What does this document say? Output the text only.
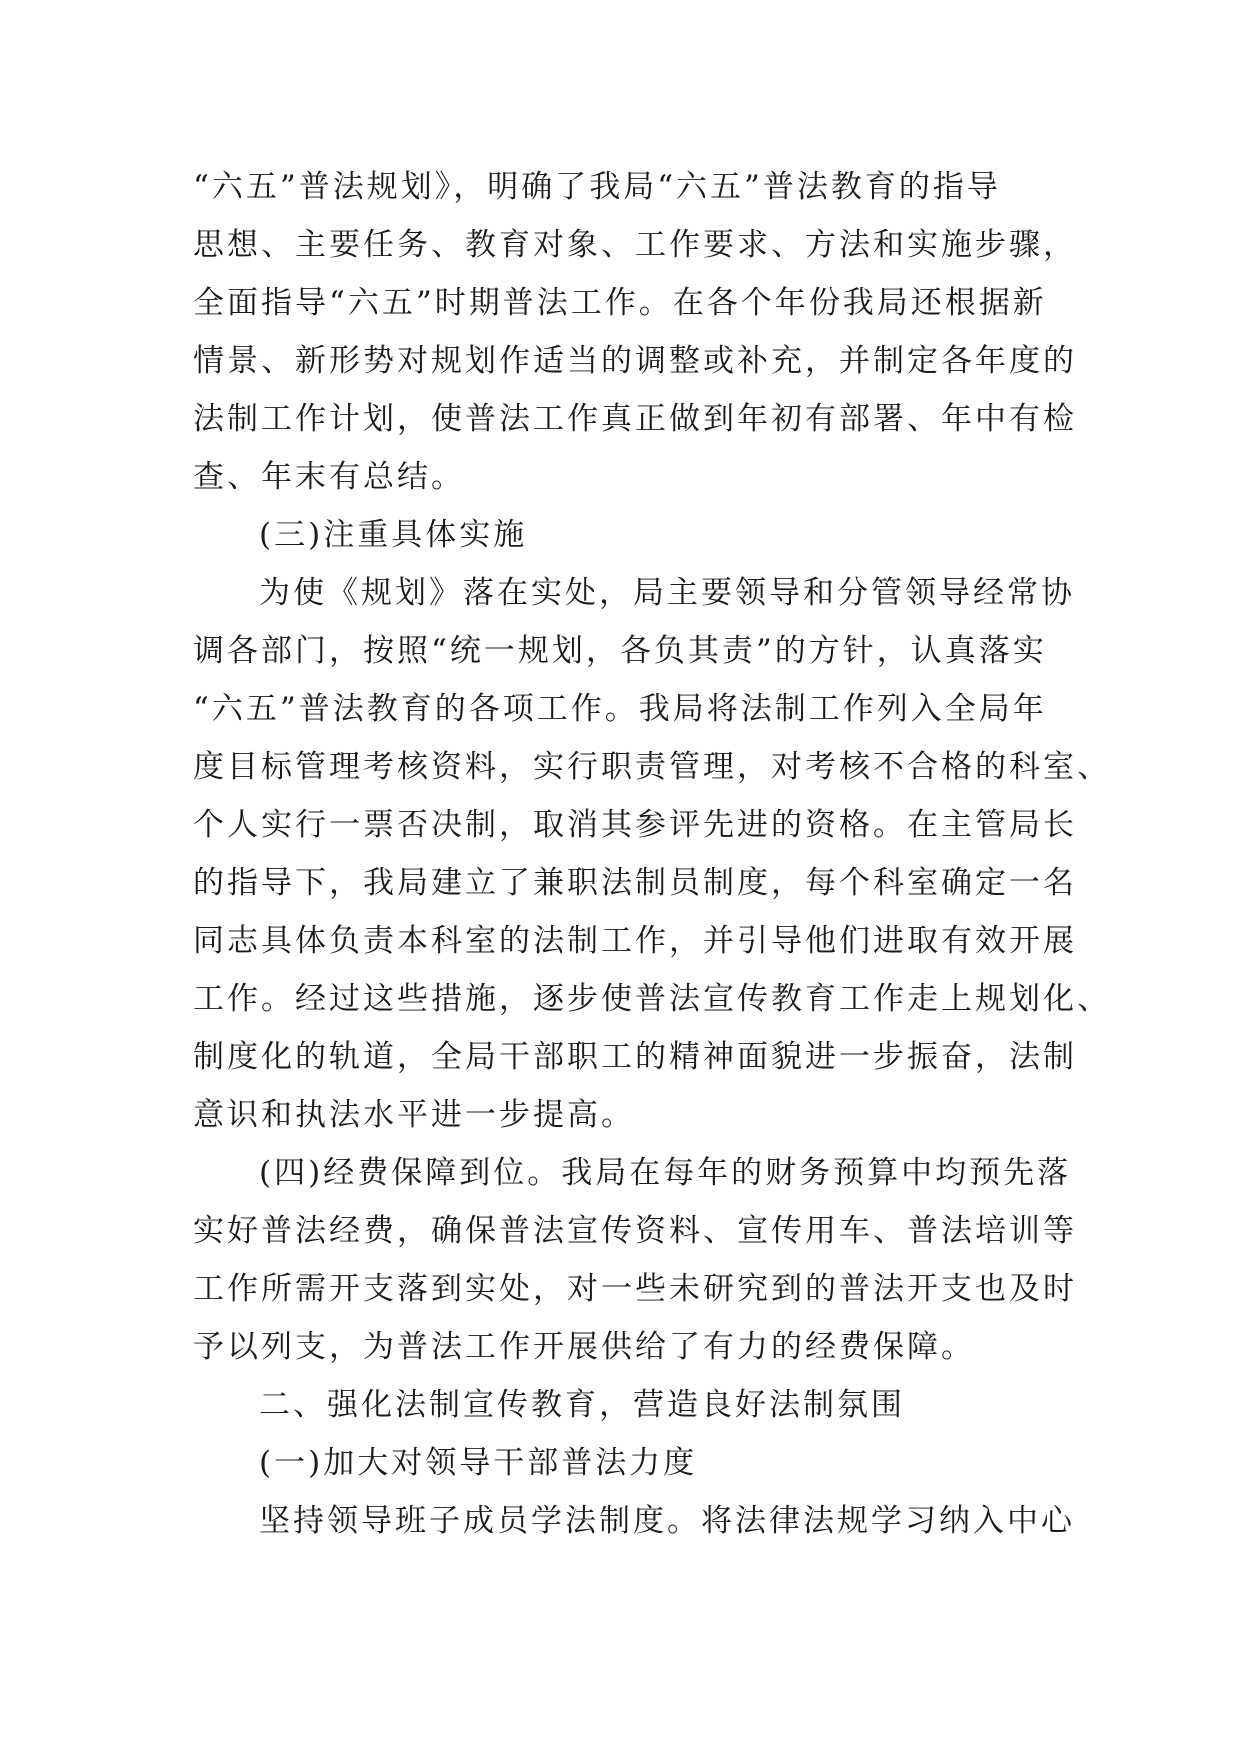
“六五”普法规划》，明确了我局“六五”普法教育的指导
思想、主要任务、教育对象、工作要求、方法和实施步骤，
全面指导“六五”时期普法工作。在各个年份我局还根据新
情景、新形势对规划作适当的调整或补充，并制定各年度的
法制工作计划，使普法工作真正做到年初有部署、年中有检
查、年末有总结。
(三)注重具体实施
为使《规划》落在实处，局主要领导和分管领导经常协
调各部门，按照“统一规划，各负其责”的方针，认真落实
“六五”普法教育的各项工作。我局将法制工作列入全局年
度目标管理考核资料，实行职责管理，对考核不合格的科室、
个人实行一票否决制，取消其参评先进的资格。在主管局长
的指导下，我局建立了兼职法制员制度，每个科室确定一名
同志具体负责本科室的法制工作，并引导他们进取有效开展
工作。经过这些措施，逐步使普法宣传教育工作走上规划化、
制度化的轨道，全局干部职工的精神面貌进一步振奋，法制
意识和执法水平进一步提高。
(四)经费保障到位。我局在每年的财务预算中均预先落
实好普法经费，确保普法宣传资料、宣传用车、普法培训等
工作所需开支落到实处，对一些未研究到的普法开支也及时
予以列支，为普法工作开展供给了有力的经费保障。
二、强化法制宣传教育，营造良好法制氛围
(一)加大对领导干部普法力度
坚持领导班子成员学法制度。将法律法规学习纳入中心
